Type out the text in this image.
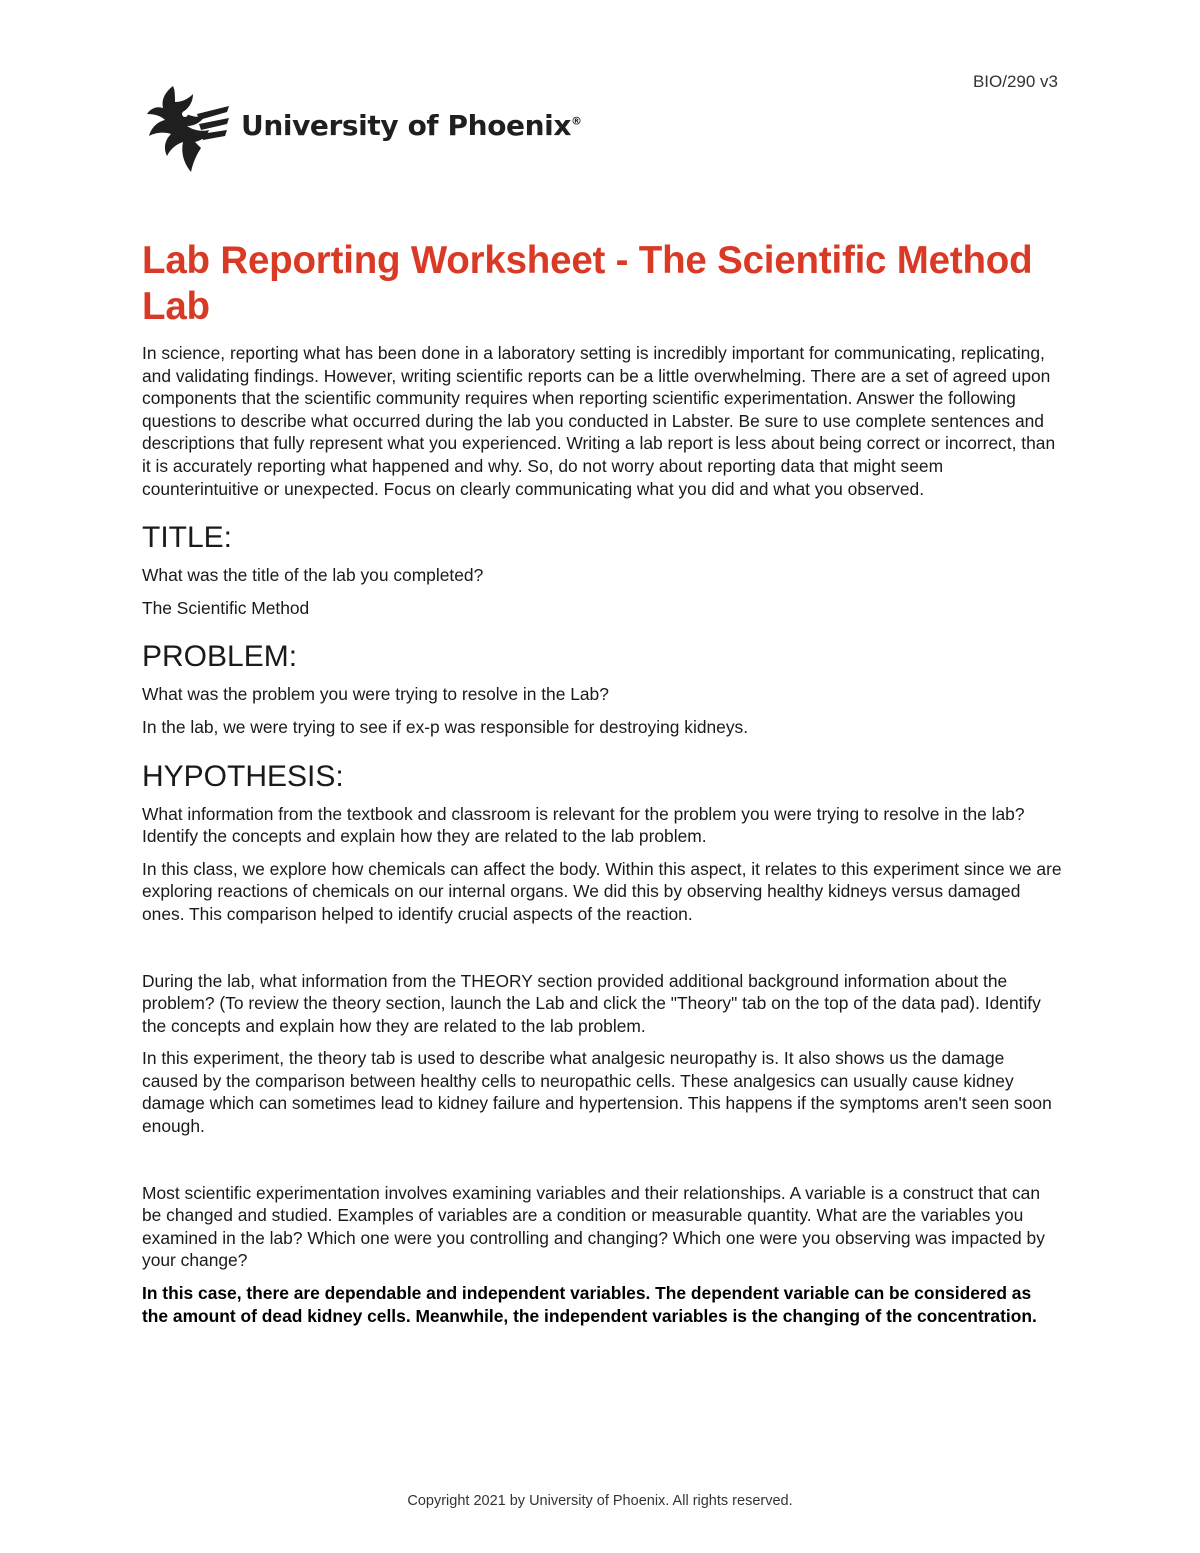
BIO/290 v3
University of Phoenix®
Lab Reporting Worksheet - The Scientific Method Lab

In science, reporting what has been done in a laboratory setting is incredibly important for communicating, replicating, and validating findings. However, writing scientific reports can be a little overwhelming. There are a set of agreed upon components that the scientific community requires when reporting scientific experimentation. Answer the following questions to describe what occurred during the lab you conducted in Labster. Be sure to use complete sentences and descriptions that fully represent what you experienced. Writing a lab report is less about being correct or incorrect, than it is accurately reporting what happened and why. So, do not worry about reporting data that might seem counterintuitive or unexpected. Focus on clearly communicating what you did and what you observed.

TITLE:

What was the title of the lab you completed?

The Scientific Method

PROBLEM:

What was the problem you were trying to resolve in the Lab?

In the lab, we were trying to see if ex-p was responsible for destroying kidneys.

HYPOTHESIS:

What information from the textbook and classroom is relevant for the problem you were trying to resolve in the lab? Identify the concepts and explain how they are related to the lab problem.

In this class, we explore how chemicals can affect the body. Within this aspect, it relates to this experiment since we are exploring reactions of chemicals on our internal organs. We did this by observing healthy kidneys versus damaged ones. This comparison helped to identify crucial aspects of the reaction.

During the lab, what information from the THEORY section provided additional background information about the problem? (To review the theory section, launch the Lab and click the "Theory" tab on the top of the data pad). Identify the concepts and explain how they are related to the lab problem.

In this experiment, the theory tab is used to describe what analgesic neuropathy is. It also shows us the damage caused by the comparison between healthy cells to neuropathic cells. These analgesics can usually cause kidney damage which can sometimes lead to kidney failure and hypertension. This happens if the symptoms aren't seen soon enough.

Most scientific experimentation involves examining variables and their relationships. A variable is a construct that can be changed and studied. Examples of variables are a condition or measurable quantity. What are the variables you examined in the lab? Which one were you controlling and changing? Which one were you observing was impacted by your change?

In this case, there are dependable and independent variables. The dependent variable can be considered as the amount of dead kidney cells. Meanwhile, the independent variables is the changing of the concentration.

Copyright 2021 by University of Phoenix. All rights reserved.
